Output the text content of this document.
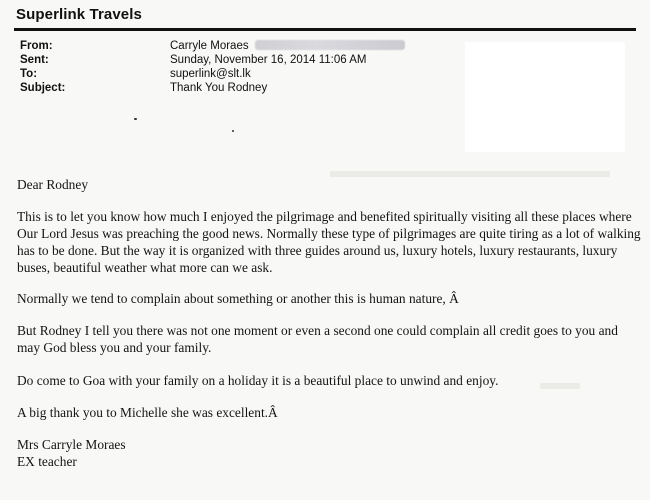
Superlink Travels
From:	Carryle Moraes
Sent:	Sunday, November 16, 2014 11:06 AM
To:	superlink@slt.lk
Subject:	Thank You Rodney
▬▬▬▬▬▬▬▬▬▬▬▬▬▬
▬▬
Dear Rodney
This is to let you know how much I enjoyed the pilgrimage and benefited spiritually visiting all these places where Our Lord Jesus was preaching the good news. Normally these type of pilgrimages are quite tiring as a lot of walking has to be done. But the way it is organized with three guides around us, luxury hotels, luxury restaurants, luxury buses, beautiful weather what more can we ask.
Normally we tend to complain about something or another this is human nature, Â
But Rodney I tell you there was not one moment or even a second one could complain all credit goes to you and may God bless you and your family.
Do come to Goa with your family on a holiday it is a beautiful place to unwind and enjoy.
A big thank you to Michelle she was excellent.Â
Mrs Carryle Moraes
EX teacher
